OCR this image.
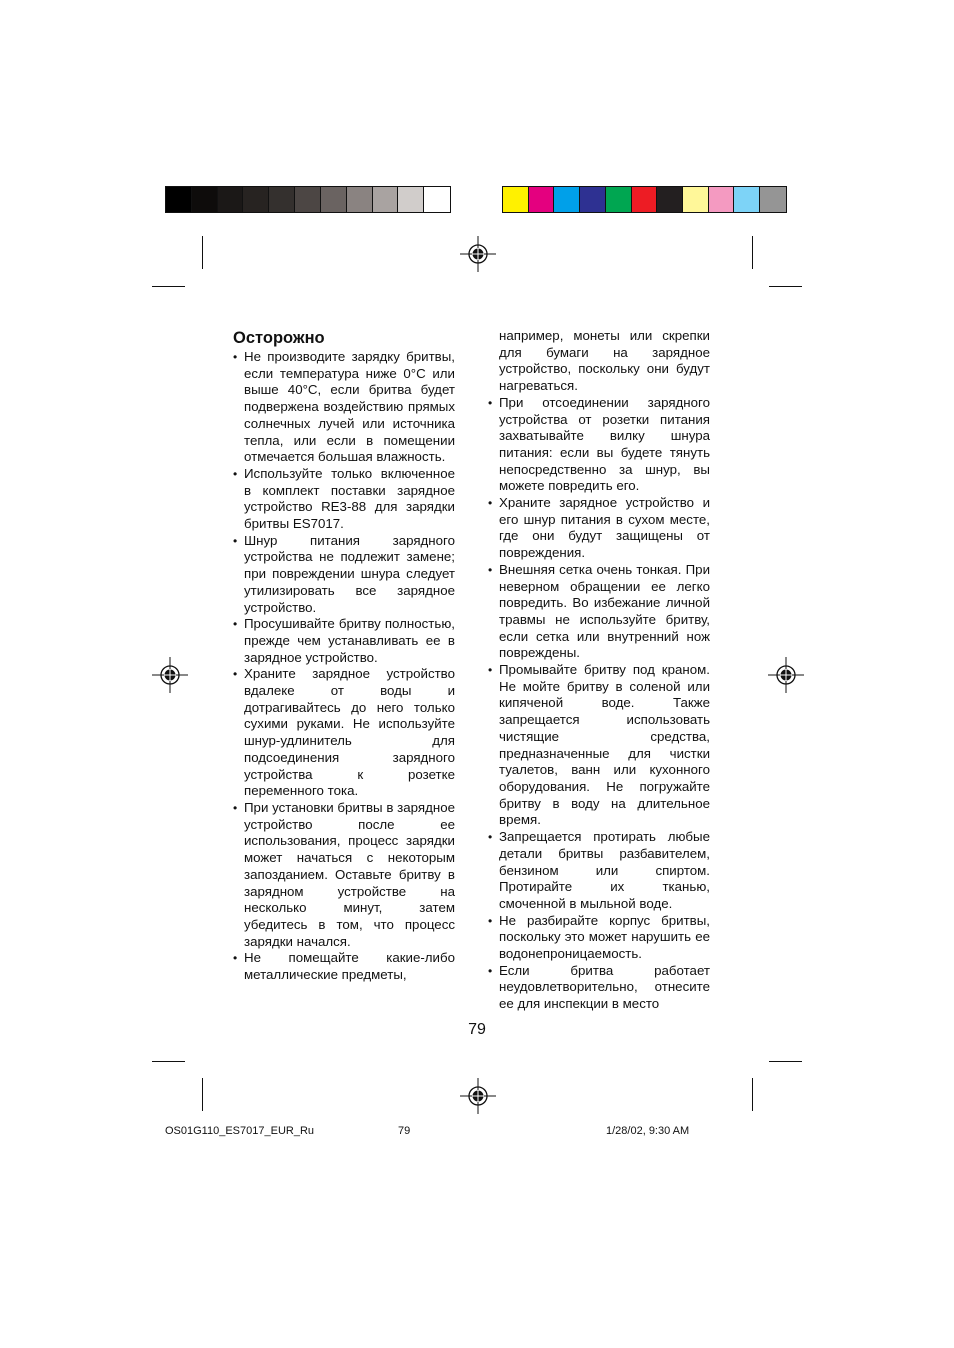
Осторожно
• Не производите зарядку бритвы, если температура ниже 0°C или выше 40°C, если бритва будет подвержена воздействию прямых солнечных лучей или источника тепла, или если в помещении отмечается большая влажность.
• Используйте только включенное в комплект поставки зарядное устройство RE3-88 для зарядки бритвы ES7017.
• Шнур питания зарядного устройства не подлежит замене; при повреждении шнура следует утилизировать все зарядное устройство.
• Просушивайте бритву полностью, прежде чем устанавливать ее в зарядное устройство.
• Храните зарядное устройство вдалеке от воды и дотрагивайтесь до него только сухими руками. Не используйте шнур-удлинитель для подсоединения зарядного устройства к розетке переменного тока.
• При установки бритвы в зарядное устройство после ее использования, процесс зарядки может начаться с некоторым запозданием. Оставьте бритву в зарядном устройстве на несколько минут, затем убедитесь в том, что процесс зарядки начался.
• Не помещайте какие-либо металлические предметы,
например, монеты или скрепки для бумаги на зарядное устройство, поскольку они будут нагреваться.
• При отсоединении зарядного устройства от розетки питания захватывайте вилку шнура питания: если вы будете тянуть непосредственно за шнур, вы можете повредить его.
• Храните зарядное устройство и его шнур питания в сухом месте, где они будут защищены от повреждения.
• Внешняя сетка очень тонкая. При неверном обращении ее легко повредить. Во избежание личной травмы не используйте бритву, если сетка или внутренний нож повреждены.
• Промывайте бритву под краном. Не мойте бритву в соленой или кипяченой воде. Также запрещается использовать чистящие средства, предназначенные для чистки туалетов, ванн или кухонного оборудования. Не погружайте бритву в воду на длительное время.
• Запрещается протирать любые детали бритвы разбавителем, бензином или спиртом. Протирайте их тканью, смоченной в мыльной воде.
• Не разбирайте корпус бритвы, поскольку это может нарушить ее водонепроницаемость.
• Если бритва работает неудовлетворительно, отнесите ее для инспекции в место
79
OS01G110_ES7017_EUR_Ru	79	1/28/02, 9:30 AM
